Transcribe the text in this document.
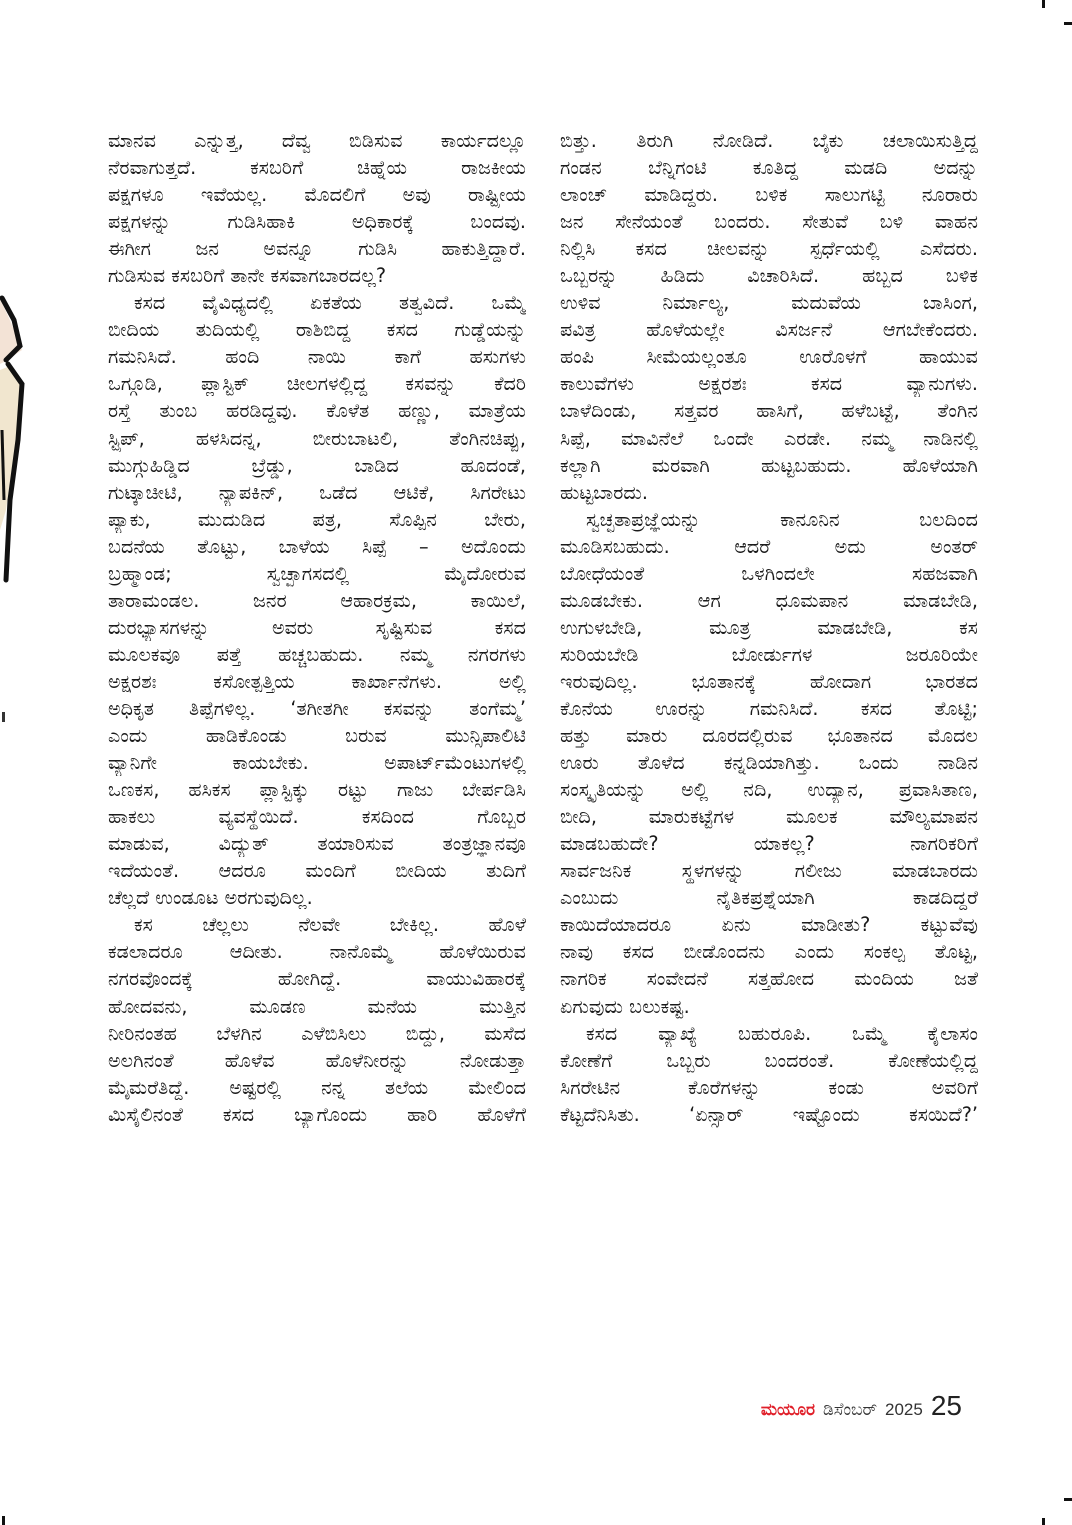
ಮಾನವ ಎನ್ನುತ್ತ, ದೆವ್ವ ಬಿಡಿಸುವ ಕಾರ್ಯದಲ್ಲೂ
ನೆರವಾಗುತ್ತದೆ. ಕಸಬರಿಗೆ ಚಿಹ್ನೆಯ ರಾಜಕೀಯ
ಪಕ್ಷಗಳೂ ಇವೆಯಲ್ಲ. ಮೊದಲಿಗೆ ಅವು ರಾಷ್ಟ್ರೀಯ
ಪಕ್ಷಗಳನ್ನು ಗುಡಿಸಿಹಾಕಿ ಅಧಿಕಾರಕ್ಕೆ ಬಂದವು.
ಈಗೀಗ ಜನ ಅವನ್ನೂ ಗುಡಿಸಿ ಹಾಕುತ್ತಿದ್ದಾರೆ.
ಗುಡಿಸುವ ಕಸಬರಿಗೆ ತಾನೇ ಕಸವಾಗಬಾರದಲ್ಲ?
ಕಸದ ವೈವಿಧ್ಯದಲ್ಲಿ ಏಕತೆಯ ತತ್ವವಿದೆ. ಒಮ್ಮೆ
ಬೀದಿಯ ತುದಿಯಲ್ಲಿ ರಾಶಿಬಿದ್ದ ಕಸದ ಗುಡ್ಡೆಯನ್ನು
ಗಮನಿಸಿದೆ. ಹಂದಿ ನಾಯಿ ಕಾಗೆ ಹಸುಗಳು
ಒಗ್ಗೂಡಿ, ಪ್ಲಾಸ್ಟಿಕ್ ಚೀಲಗಳಲ್ಲಿದ್ದ ಕಸವನ್ನು ಕೆದರಿ
ರಸ್ತೆ ತುಂಬ ಹರಡಿದ್ದವು. ಕೊಳೆತ ಹಣ್ಣು, ಮಾತ್ರೆಯ
ಸ್ಟ್ರಿಪ್, ಹಳಸಿದನ್ನ, ಬೀರುಬಾಟಲಿ, ತೆಂಗಿನಚಿಪ್ಪು,
ಮುಗ್ಗುಹಿಡ್ಡಿದ ಬ್ರೆಡ್ಡು, ಬಾಡಿದ ಹೂದಂಡೆ,
ಗುಟ್ಕಾಚೀಟಿ, ನ್ಯಾಪಕಿನ್, ಒಡೆದ ಆಟಿಕೆ, ಸಿಗರೇಟು
ಪ್ಯಾಕು, ಮುದುಡಿದ ಪತ್ರ, ಸೊಪ್ಪಿನ ಬೇರು,
ಬದನೆಯ ತೊಟ್ಟು, ಬಾಳೆಯ ಸಿಪ್ಪೆ – ಅದೊಂದು
ಬ್ರಹ್ಮಾಂಡ; ಸ್ವಚ್ಛಾಗಸದಲ್ಲಿ ಮೈದೋರುವ
ತಾರಾಮಂಡಲ. ಜನರ ಆಹಾರಕ್ರಮ, ಕಾಯಿಲೆ,
ದುರಭ್ಯಾಸಗಳನ್ನು ಅವರು ಸೃಷ್ಟಿಸುವ ಕಸದ
ಮೂಲಕವೂ ಪತ್ತೆ ಹಚ್ಚಬಹುದು. ನಮ್ಮ ನಗರಗಳು
ಅಕ್ಷರಶಃ ಕಸೋತ್ಪತ್ತಿಯ ಕಾರ್ಖಾನೆಗಳು. ಅಲ್ಲಿ
ಅಧಿಕೃತ ತಿಪ್ಪೆಗಳಿಲ್ಲ. ‘ತಗೀತಗೀ ಕಸವನ್ನು ತಂಗೆಮ್ಮ’
ಎಂದು ಹಾಡಿಕೊಂಡು ಬರುವ ಮುನ್ಸಿಪಾಲಿಟಿ
ವ್ಯಾನಿಗೇ ಕಾಯಬೇಕು. ಅಪಾರ್ಟ್‌ಮೆಂಟುಗಳಲ್ಲಿ
ಒಣಕಸ, ಹಸಿಕಸ ಪ್ಲಾಸ್ಟಿಕ್ಕು ರಟ್ಟು ಗಾಜು ಬೇರ್ಪಡಿಸಿ
ಹಾಕಲು ವ್ಯವಸ್ಥೆಯಿದೆ. ಕಸದಿಂದ ಗೊಬ್ಬರ
ಮಾಡುವ, ವಿದ್ಯುತ್ ತಯಾರಿಸುವ ತಂತ್ರಜ್ಞಾನವೂ
ಇದೆಯಂತೆ. ಆದರೂ ಮಂದಿಗೆ ಬೀದಿಯ ತುದಿಗೆ
ಚೆಲ್ಲದೆ ಉಂಡೂಟ ಅರಗುವುದಿಲ್ಲ.
ಕಸ ಚೆಲ್ಲಲು ನೆಲವೇ ಬೇಕಿಲ್ಲ. ಹೊಳೆ
ಕಡಲಾದರೂ ಆದೀತು. ನಾನೊಮ್ಮೆ ಹೊಳೆಯಿರುವ
ನಗರವೊಂದಕ್ಕೆ ಹೋಗಿದ್ದೆ. ವಾಯುವಿಹಾರಕ್ಕೆ
ಹೋದವನು, ಮೂಡಣ ಮನೆಯ ಮುತ್ತಿನ
ನೀರಿನಂತಹ ಬೆಳಗಿನ ಎಳೆಬಿಸಿಲು ಬಿದ್ದು, ಮಸೆದ
ಅಲಗಿನಂತೆ ಹೊಳೆವ ಹೊಳೆನೀರನ್ನು ನೋಡುತ್ತಾ
ಮೈಮರೆತಿದ್ದೆ. ಅಷ್ಟರಲ್ಲಿ ನನ್ನ ತಲೆಯ ಮೇಲಿಂದ
ಮಿಸೈಲಿನಂತೆ ಕಸದ ಬ್ಯಾಗೊಂದು ಹಾರಿ ಹೊಳೆಗೆ
ಬಿತ್ತು. ತಿರುಗಿ ನೋಡಿದೆ. ಬೈಕು ಚಲಾಯಿಸುತ್ತಿದ್ದ
ಗಂಡನ ಬೆನ್ನಿಗಂಟಿ ಕೂತಿದ್ದ ಮಡದಿ ಅದನ್ನು
ಲಾಂಚ್ ಮಾಡಿದ್ದರು. ಬಳಿಕ ಸಾಲುಗಟ್ಟಿ ನೂರಾರು
ಜನ ಸೇನೆಯಂತೆ ಬಂದರು. ಸೇತುವೆ ಬಳಿ ವಾಹನ
ನಿಲ್ಲಿಸಿ ಕಸದ ಚೀಲವನ್ನು ಸ್ಪರ್ಧೆಯಲ್ಲಿ ಎಸೆದರು.
ಒಬ್ಬರನ್ನು ಹಿಡಿದು ವಿಚಾರಿಸಿದೆ. ಹಬ್ಬದ ಬಳಿಕ
ಉಳಿವ ನಿರ್ಮಾಲ್ಯ, ಮದುವೆಯ ಬಾಸಿಂಗ,
ಪವಿತ್ರ ಹೊಳೆಯಲ್ಲೇ ವಿಸರ್ಜನೆ ಆಗಬೇಕೆಂದರು.
ಹಂಪಿ ಸೀಮೆಯಲ್ಲಂತೂ ಊರೊಳಗೆ ಹಾಯುವ
ಕಾಲುವೆಗಳು ಅಕ್ಷರಶಃ ಕಸದ ವ್ಯಾನುಗಳು.
ಬಾಳೆದಿಂಡು, ಸತ್ತವರ ಹಾಸಿಗೆ, ಹಳೆಬಟ್ಟೆ, ತೆಂಗಿನ
ಸಿಪ್ಪೆ, ಮಾವಿನೆಲೆ ಒಂದೇ ಎರಡೇ. ನಮ್ಮ ನಾಡಿನಲ್ಲಿ
ಕಲ್ಲಾಗಿ ಮರವಾಗಿ ಹುಟ್ಟಬಹುದು. ಹೊಳೆಯಾಗಿ
ಹುಟ್ಟಬಾರದು.
ಸ್ವಚ್ಛತಾಪ್ರಜ್ಞೆಯನ್ನು ಕಾನೂನಿನ ಬಲದಿಂದ
ಮೂಡಿಸಬಹುದು. ಆದರೆ ಅದು ಅಂತರ್
ಬೋಧೆಯಂತೆ ಒಳಗಿಂದಲೇ ಸಹಜವಾಗಿ
ಮೂಡಬೇಕು. ಆಗ ಧೂಮಪಾನ ಮಾಡಬೇಡಿ,
ಉಗುಳಬೇಡಿ, ಮೂತ್ರ ಮಾಡಬೇಡಿ, ಕಸ
ಸುರಿಯಬೇಡಿ ಬೋರ್ಡುಗಳ ಜರೂರಿಯೇ
ಇರುವುದಿಲ್ಲ. ಭೂತಾನಕ್ಕೆ ಹೋದಾಗ ಭಾರತದ
ಕೊನೆಯ ಊರನ್ನು ಗಮನಿಸಿದೆ. ಕಸದ ತೊಟ್ಟಿ;
ಹತ್ತು ಮಾರು ದೂರದಲ್ಲಿರುವ ಭೂತಾನದ ಮೊದಲ
ಊರು ತೊಳೆದ ಕನ್ನಡಿಯಾಗಿತ್ತು. ಒಂದು ನಾಡಿನ
ಸಂಸ್ಕೃತಿಯನ್ನು ಅಲ್ಲಿ ನದಿ, ಉದ್ಯಾನ, ಪ್ರವಾಸಿತಾಣ,
ಬೀದಿ, ಮಾರುಕಟ್ಟೆಗಳ ಮೂಲಕ ಮೌಲ್ಯಮಾಪನ
ಮಾಡಬಹುದೇ? ಯಾಕಲ್ಲ? ನಾಗರಿಕರಿಗೆ
ಸಾರ್ವಜನಿಕ ಸ್ಥಳಗಳನ್ನು ಗಲೀಜು ಮಾಡಬಾರದು
ಎಂಬುದು ನೈತಿಕಪ್ರಶ್ನೆಯಾಗಿ ಕಾಡದಿದ್ದರೆ
ಕಾಯಿದೆಯಾದರೂ ಏನು ಮಾಡೀತು? ಕಟ್ಟುವೆವು
ನಾವು ಕಸದ ಬೀಡೊಂದನು ಎಂದು ಸಂಕಲ್ಪ ತೊಟ್ಟ,
ನಾಗರಿಕ ಸಂವೇದನೆ ಸತ್ತಹೋದ ಮಂದಿಯ ಜತೆ
ಏಗುವುದು ಬಲುಕಷ್ಟ.
ಕಸದ ವ್ಯಾಖ್ಯೆ ಬಹುರೂಪಿ. ಒಮ್ಮೆ ಕೈಲಾಸಂ
ಕೋಣೆಗೆ ಒಬ್ಬರು ಬಂದರಂತೆ. ಕೋಣೆಯಲ್ಲಿದ್ದ
ಸಿಗರೇಟಿನ ಕೊರೆಗಳನ್ನು ಕಂಡು ಅವರಿಗೆ
ಕೆಟ್ಟದೆನಿಸಿತು. ‘ಏನ್ಸಾರ್ ಇಷ್ಟೊಂದು ಕಸಯಿದೆ?’
ಮಯೂರ ಡಿಸೆಂಬರ್ 2025 25
